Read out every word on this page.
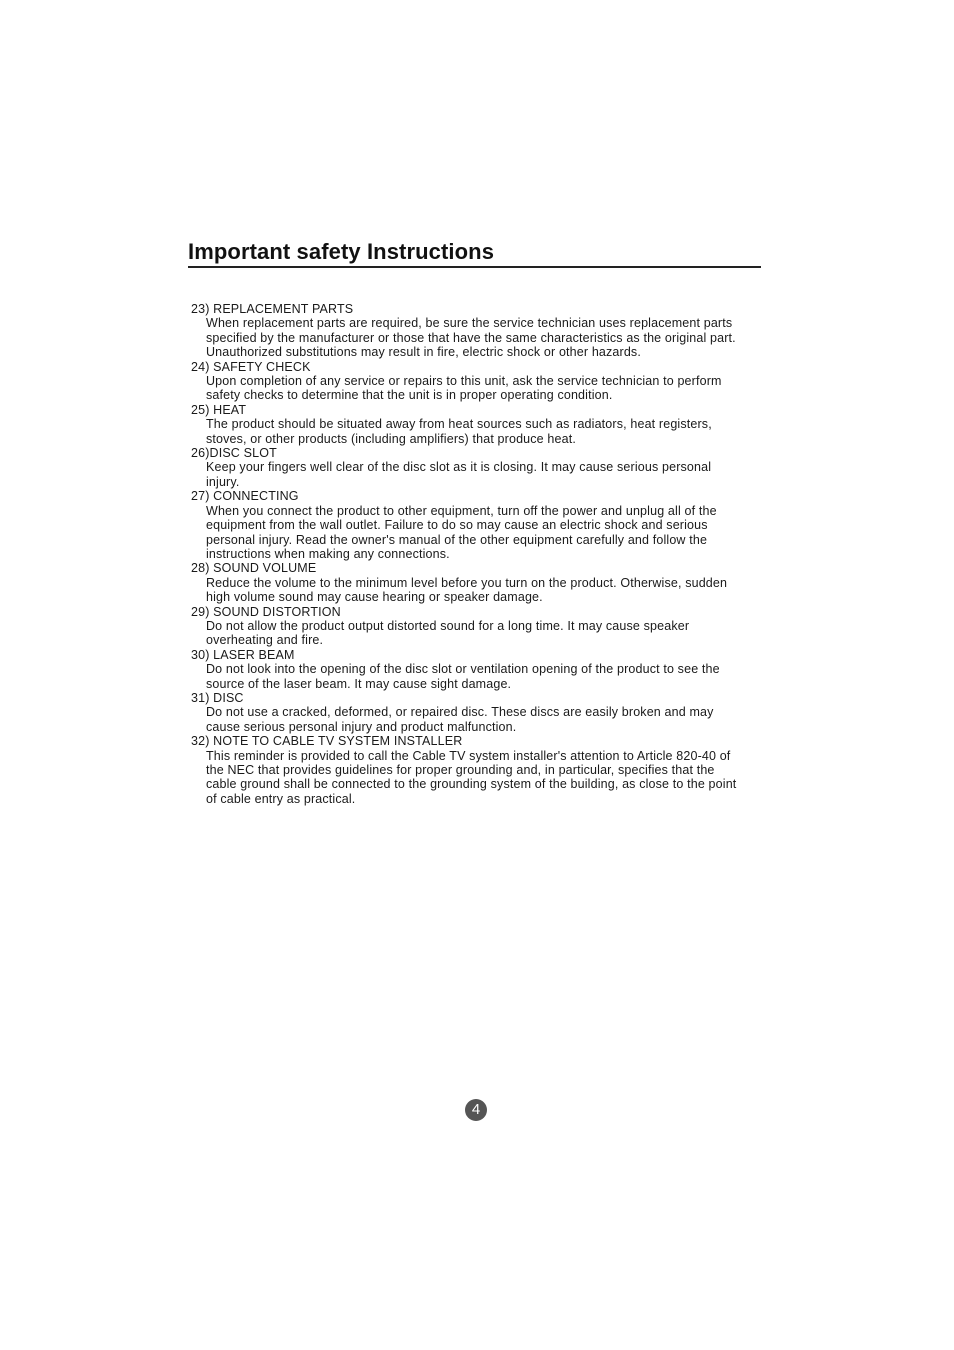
Important safety Instructions
23) REPLACEMENT PARTS
When replacement parts are required, be sure the service technician uses replacement parts
specified by the manufacturer or those that have the same characteristics as the original part.
Unauthorized substitutions may result in fire, electric shock or other hazards.
24) SAFETY CHECK
Upon completion of any service or repairs to this unit, ask the service technician to perform
safety checks to determine that the unit is in proper operating condition.
25) HEAT
The product should be situated away from heat sources such as radiators, heat registers,
stoves, or other products (including amplifiers) that produce heat.
26)DISC SLOT
Keep your fingers well clear of the disc slot as it is closing. It may cause serious personal
injury.
27) CONNECTING
When you connect the product to other equipment, turn off the power and unplug all of the
equipment from the wall outlet. Failure to do so may cause an electric shock and serious
personal injury. Read the owner's manual of the other equipment carefully and follow the
instructions when making any connections.
28) SOUND VOLUME
Reduce the volume to the minimum level before you turn on the product. Otherwise, sudden
high volume sound may cause hearing or speaker damage.
29) SOUND DISTORTION
Do not allow the product output distorted sound for a long time. It may cause speaker
overheating and fire.
30) LASER BEAM
Do not look into the opening of the disc slot or ventilation opening of the product to see the
source of the laser beam. It may cause sight damage.
31) DISC
Do not use a cracked, deformed, or repaired disc. These discs are easily broken and may
cause serious personal injury and product malfunction.
32) NOTE TO CABLE TV SYSTEM INSTALLER
This reminder is provided to call the Cable TV system installer's attention to Article 820-40 of
the NEC that provides guidelines for proper grounding and, in particular, specifies that the
cable ground shall be connected to the grounding system of the building, as close to the point
of cable entry as practical.
4
